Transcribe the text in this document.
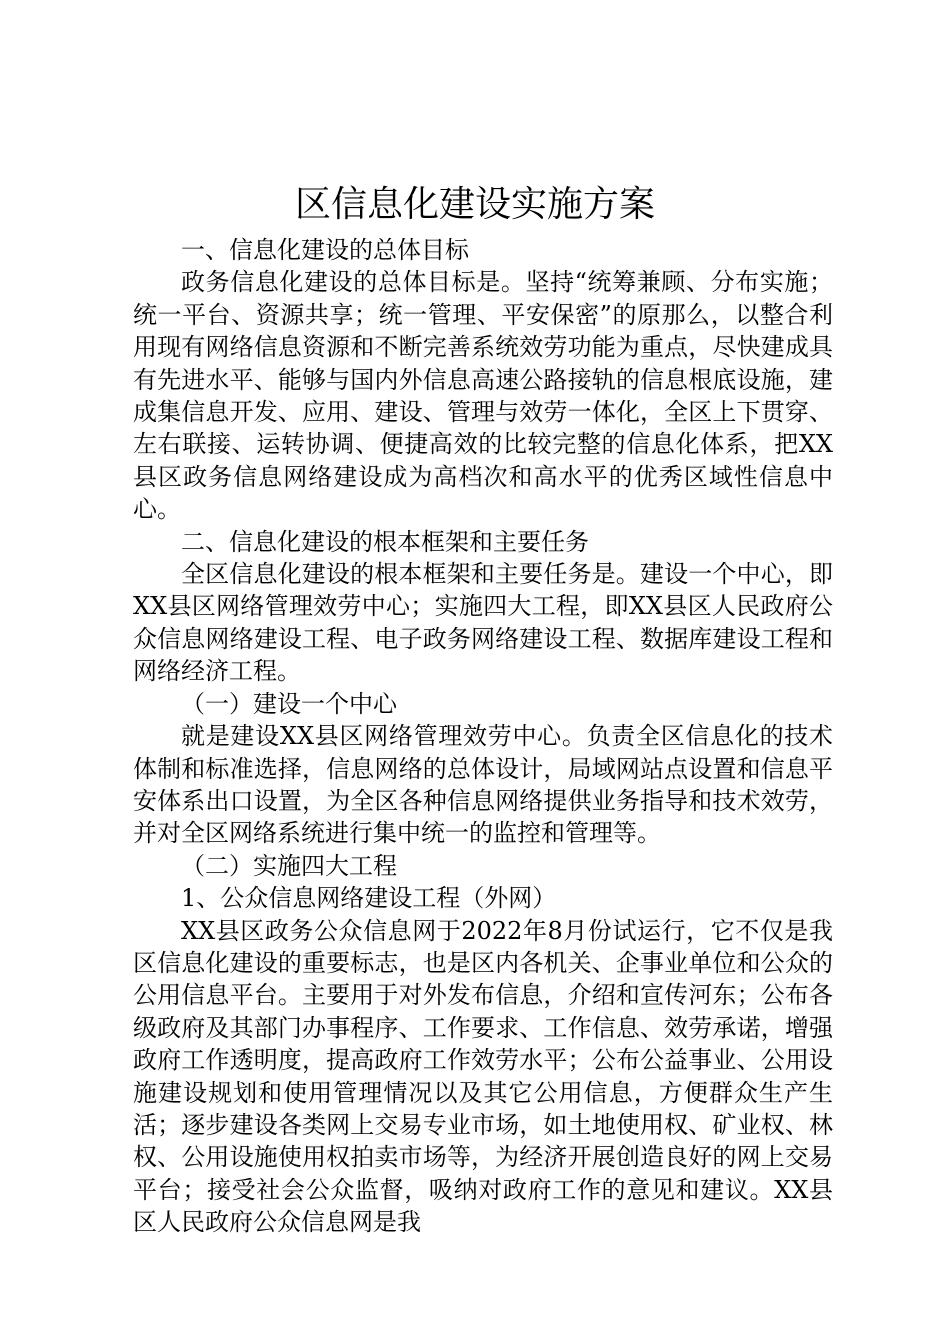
区信息化建设实施方案

一、信息化建设的总体目标

政务信息化建设的总体目标是。坚持“统筹兼顾、分布实施；统一平台、资源共享；统一管理、平安保密”的原那么，以整合利用现有网络信息资源和不断完善系统效劳功能为重点，尽快建成具有先进水平、能够与国内外信息高速公路接轨的信息根底设施，建成集信息开发、应用、建设、管理与效劳一体化，全区上下贯穿、左右联接、运转协调、便捷高效的比较完整的信息化体系，把XX县区政务信息网络建设成为高档次和高水平的优秀区域性信息中心。

二、信息化建设的根本框架和主要任务

全区信息化建设的根本框架和主要任务是。建设一个中心，即XX县区网络管理效劳中心；实施四大工程，即XX县区人民政府公众信息网络建设工程、电子政务网络建设工程、数据库建设工程和网络经济工程。

（一）建设一个中心

就是建设XX县区网络管理效劳中心。负责全区信息化的技术体制和标准选择，信息网络的总体设计，局域网站点设置和信息平安体系出口设置，为全区各种信息网络提供业务指导和技术效劳，并对全区网络系统进行集中统一的监控和管理等。

（二）实施四大工程

1、公众信息网络建设工程（外网）

XX县区政务公众信息网于2022年8月份试运行，它不仅是我区信息化建设的重要标志，也是区内各机关、企事业单位和公众的公用信息平台。主要用于对外发布信息，介绍和宣传河东；公布各级政府及其部门办事程序、工作要求、工作信息、效劳承诺，增强政府工作透明度，提高政府工作效劳水平；公布公益事业、公用设施建设规划和使用管理情况以及其它公用信息，方便群众生产生活；逐步建设各类网上交易专业市场，如土地使用权、矿业权、林权、公用设施使用权拍卖市场等，为经济开展创造良好的网上交易平台；接受社会公众监督，吸纳对政府工作的意见和建议。XX县区人民政府公众信息网是我
